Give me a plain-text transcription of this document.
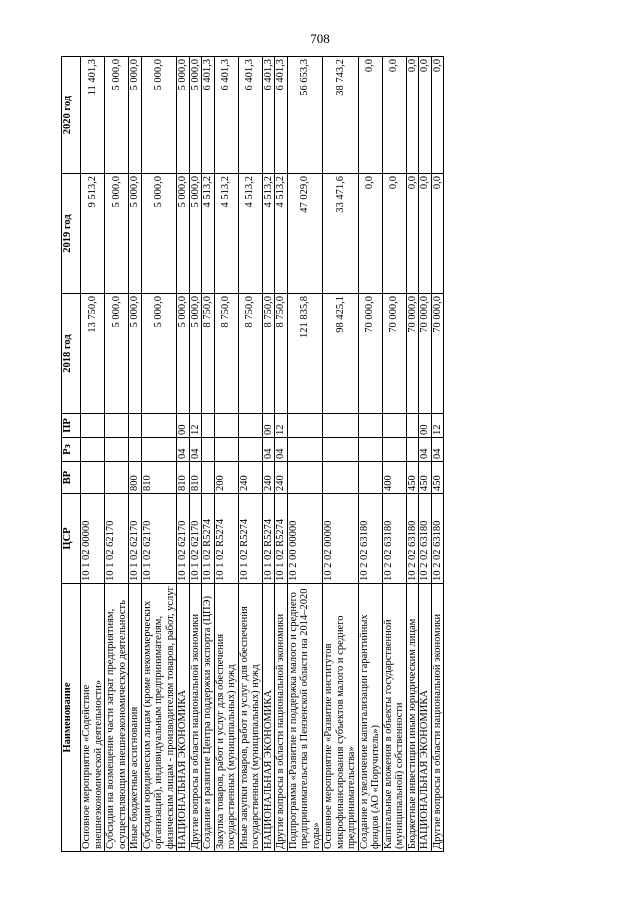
708
Наименование	ЦСР	ВР	Рз	ПР	2018 год	2019 год	2020 год
Основное мероприятие «Содействие внешнеэкономической деятельности»	10 1 02 00000				13 750,0	9 513,2	11 401,3
Субсидии на возмещение части затрат предприятиям, осуществляющим внешнеэкономическую деятельность	10 1 02 62170				5 000,0	5 000,0	5 000,0
Иные бюджетные ассигнования	10 1 02 62170	800			5 000,0	5 000,0	5 000,0
Субсидии юридическим лицам (кроме некоммерческих организаций), индивидуальным предпринимателям, физическим лицам - производителям товаров, работ, услуг	10 1 02 62170	810			5 000,0	5 000,0	5 000,0
НАЦИОНАЛЬНАЯ ЭКОНОМИКА	10 1 02 62170	810	04	00	5 000,0	5 000,0	5 000,0
Другие вопросы в области национальной экономики	10 1 02 62170	810	04	12	5 000,0	5 000,0	5 000,0
Создание и развитие Центра поддержки экспорта (ЦПЭ)	10 1 02 R5274				8 750,0	4 513,2	6 401,3
Закупка товаров, работ и услуг для обеспечения государственных (муниципальных) нужд	10 1 02 R5274	200			8 750,0	4 513,2	6 401,3
Иные закупки товаров, работ и услуг для обеспечения государственных (муниципальных) нужд	10 1 02 R5274	240			8 750,0	4 513,2	6 401,3
НАЦИОНАЛЬНАЯ ЭКОНОМИКА	10 1 02 R5274	240	04	00	8 750,0	4 513,2	6 401,3
Другие вопросы в области национальной экономики	10 1 02 R5274	240	04	12	8 750,0	4 513,2	6 401,3
Подпрограмма «Развитие и поддержка малого и среднего предпринимательства в Пензенской области на 2014–2020 годы»	10 2 00 00000				121 835,8	47 029,0	56 653,3
Основное мероприятие «Развитие институтов микрофинансирования субъектов малого и среднего предпринимательства»	10 2 02 00000				98 425,1	33 471,6	38 743,2
Создание и увеличение капитализации гарантийных фондов (АО «Поручитель»)	10 2 02 63180				70 000,0	0,0	0,0
Капитальные вложения в объекты государственной (муниципальной) собственности	10 2 02 63180	400			70 000,0	0,0	0,0
Бюджетные инвестиции иным юридическим лицам	10 2 02 63180	450			70 000,0	0,0	0,0
НАЦИОНАЛЬНАЯ ЭКОНОМИКА	10 2 02 63180	450	04	00	70 000,0	0,0	0,0
Другие вопросы в области национальной экономики	10 2 02 63180	450	04	12	70 000,0	0,0	0,0
